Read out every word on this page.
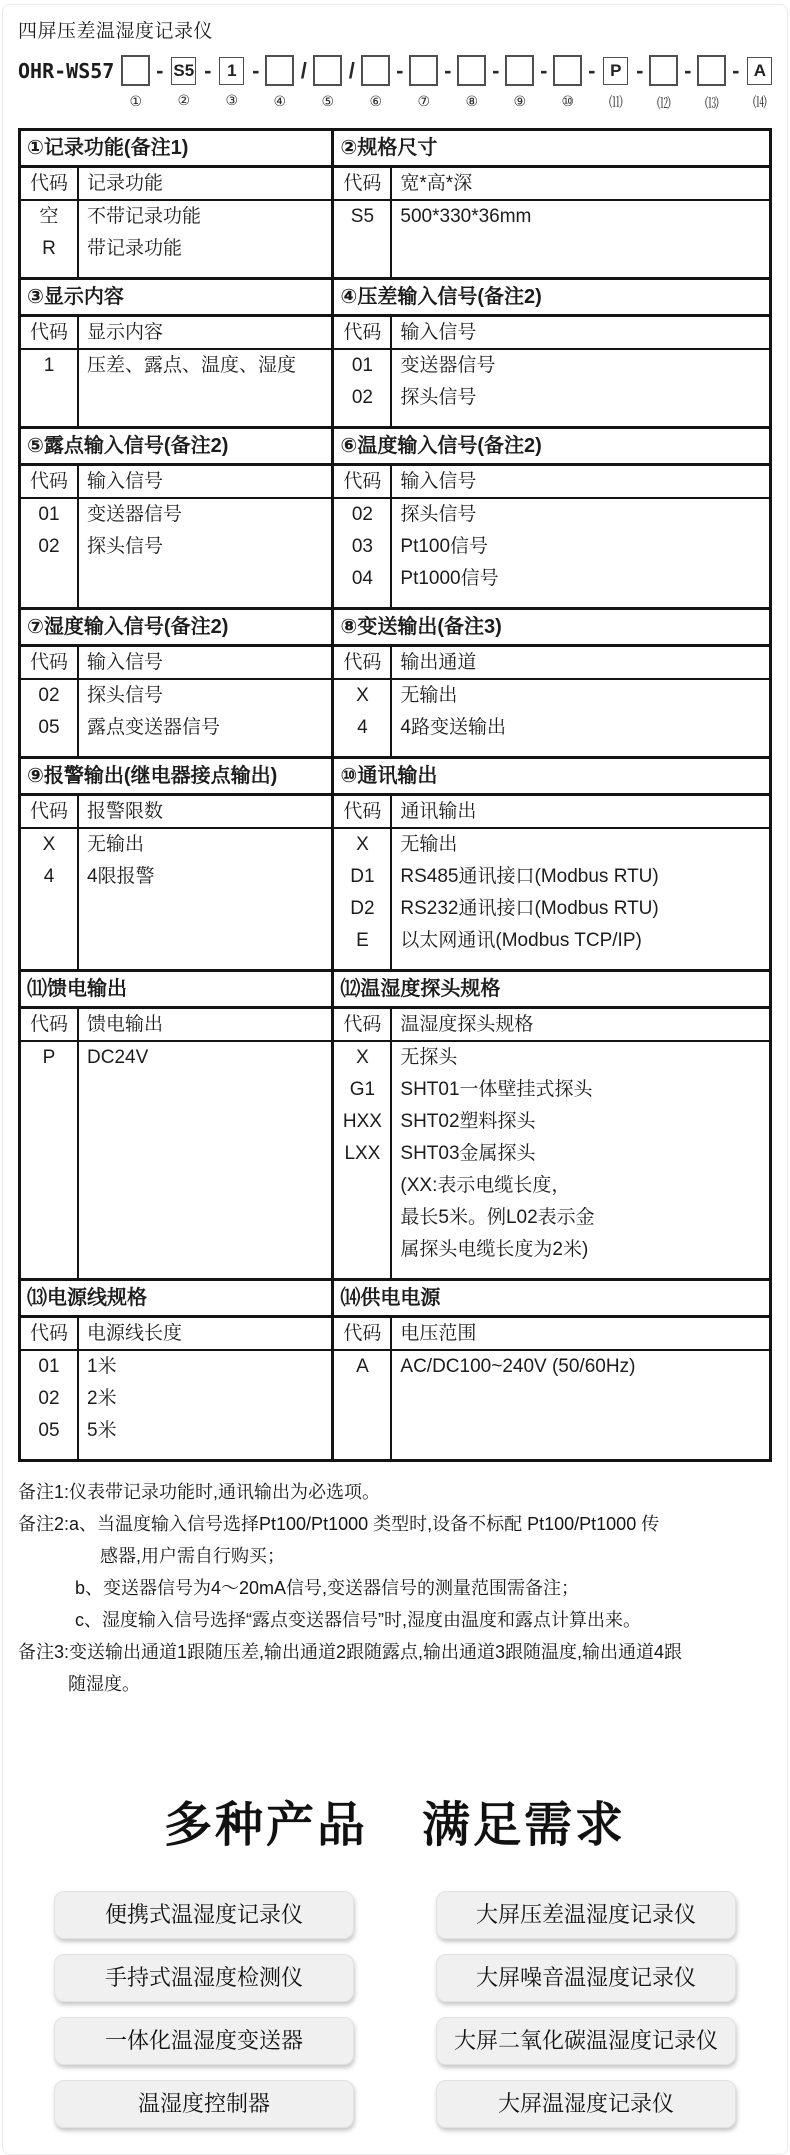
四屏压差温湿度记录仪
OHR-WS57
①
- S5
②
- 1
③
-
④
/
⑤
/
⑥
-
⑦
-
⑧
-
⑨
-
⑩
- P
⑾
-
⑿
-
⒀
- A
⒁
①记录功能(备注1)
代码
空
R
记录功能
不带记录功能
带记录功能
②规格尺寸
代码
S5
宽*高*深
500*330*36mm
③显示内容
代码
1
显示内容
压差、露点、温度、湿度
④压差输入信号(备注2)
代码
01
02
输入信号
变送器信号
探头信号
⑤露点输入信号(备注2)
代码
01
02
输入信号
变送器信号
探头信号
⑥温度输入信号(备注2)
代码
02
03
04
输入信号
探头信号
Pt100信号
Pt1000信号
⑦湿度输入信号(备注2)
代码
02
05
输入信号
探头信号
露点变送器信号
⑧变送输出(备注3)
代码
X
4
输出通道
无输出
4路变送输出
⑨报警输出(继电器接点输出)
代码
X
4
报警限数
无输出
4限报警
⑩通讯输出
代码
X
D1
D2
E
通讯输出
无输出
RS485通讯接口(Modbus RTU)
RS232通讯接口(Modbus RTU)
以太网通讯(Modbus TCP/IP)
⑾馈电输出
代码
P
馈电输出
DC24V
⑿温湿度探头规格
代码
X
G1
HXX
LXX
温湿度探头规格
无探头
SHT01一体壁挂式探头
SHT02塑料探头
SHT03金属探头
(XX:表示电缆长度，
最长5米。例L02表示金
属探头电缆长度为2米)
⒀电源线规格
代码
01
02
05
电源线长度
1米
2米
5米
⒁供电电源
代码
A
电压范围
AC/DC100~240V (50/60Hz)
备注1:仪表带记录功能时,通讯输出为必选项。
备注2:a、当温度输入信号选择Pt100/Pt1000 类型时,设备不标配 Pt100/Pt1000 传
感器,用户需自行购买；
b、变送器信号为4～20mA信号,变送器信号的测量范围需备注；
c、湿度输入信号选择“露点变送器信号”时,湿度由温度和露点计算出来。
备注3:变送输出通道1跟随压差,输出通道2跟随露点,输出通道3跟随温度,输出通道4跟
随湿度。
多种产品 满足需求
便携式温湿度记录仪
手持式温湿度检测仪
一体化温湿度变送器
温湿度控制器
大屏压差温湿度记录仪
大屏噪音温湿度记录仪
大屏二氧化碳温湿度记录仪
大屏温湿度记录仪
